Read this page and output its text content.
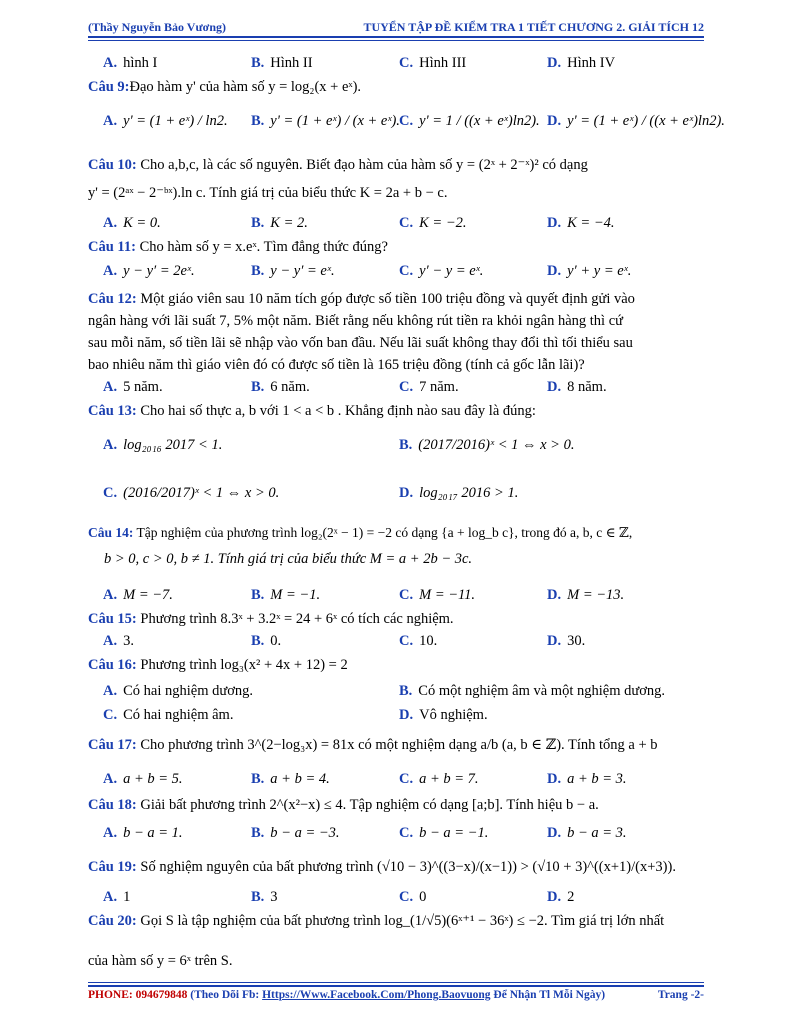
(Thầy Nguyễn Bảo Vương)	TUYỂN TẬP ĐỀ KIỂM TRA 1 TIẾT CHƯƠNG 2. GIẢI TÍCH 12
A. hình I	B. Hình II	C. Hình III	D. Hình IV
Câu 9:Đạo hàm y' của hàm số y = log₂(x + eˣ).
A. y' = (1 + eˣ) / ln2. B. y' = (1 + eˣ) / (x + eˣ). C. y' = 1 / ((x + eˣ)ln2). D. y' = (1 + eˣ) / ((x + eˣ)ln2).
Câu 10: Cho a,b,c, là các số nguyên. Biết đạo hàm của hàm số y = (2ˣ + 2⁻ˣ)² có dạng
y' = (2ᵃˣ − 2⁻ᵇˣ).ln c. Tính giá trị của biểu thức K = 2a + b − c.
A. K = 0.	B. K = 2.	C. K = −2.	D. K = −4.
Câu 11: Cho hàm số y = x.eˣ. Tìm đẳng thức đúng?
A. y − y′ = 2eˣ.	B. y − y′ = eˣ.	C. y′ − y = eˣ.	D. y′ + y = eˣ.
Câu 12: Một giáo viên sau 10 năm tích góp được số tiền 100 triệu đồng và quyết định gửi vào
ngân hàng với lãi suất 7, 5% một năm. Biết rằng nếu không rút tiền ra khỏi ngân hàng thì cứ
sau mỗi năm, số tiền lãi sẽ nhập vào vốn ban đầu. Nếu lãi suất không thay đổi thì tối thiểu sau
bao nhiêu năm thì giáo viên đó có được số tiền là 165 triệu đồng (tính cả gốc lẫn lãi)?
A. 5 năm.	B. 6 năm.	C. 7 năm.	D. 8 năm.
Câu 13: Cho hai số thực a, b với 1 < a < b . Khẳng định nào sau đây là đúng:
A. log₂₀₁₆ 2017 < 1.	B. (2017/2016)ˣ < 1 ⇔ x > 0.
C. (2016/2017)ˣ < 1 ⇔ x > 0.	D. log₂₀₁₇ 2016 > 1.
Câu 14: Tập nghiệm của phương trình log₂(2ˣ − 1) = −2 có dạng {a + log_b c}, trong đó a, b, c ∈ ℤ,
b > 0, c > 0, b ≠ 1. Tính giá trị của biểu thức M = a + 2b − 3c.
A. M = −7.	B. M = −1.	C. M = −11.	D. M = −13.
Câu 15: Phương trình 8.3ˣ + 3.2ˣ = 24 + 6ˣ có tích các nghiệm.
A. 3.	B. 0.	C. 10.	D. 30.
Câu 16: Phương trình log₃(x² + 4x + 12) = 2
A. Có hai nghiệm dương.	B. Có một nghiệm âm và một nghiệm dương.
C. Có hai nghiệm âm.	D. Vô nghiệm.
Câu 17: Cho phương trình 3^(2−log₃x) = 81x có một nghiệm dạng a/b (a, b ∈ ℤ). Tính tổng a + b
A. a + b = 5.	B. a + b = 4.	C. a + b = 7.	D. a + b = 3.
Câu 18: Giải bất phương trình 2^(x²−x) ≤ 4. Tập nghiệm có dạng [a;b]. Tính hiệu b − a.
A. b − a = 1.	B. b − a = −3.	C. b − a = −1.	D. b − a = 3.
Câu 19: Số nghiệm nguyên của bất phương trình (√10 − 3)^((3−x)/(x−1)) > (√10 + 3)^((x+1)/(x+3)).
A. 1	B. 3	C. 0	D. 2
Câu 20: Gọi S là tập nghiệm của bất phương trình log_(1/√5)(6ˣ⁺¹ − 36ˣ) ≤ −2. Tìm giá trị lớn nhất
của hàm số y = 6ˣ trên S.
PHONE: 094679848 (Theo Dõi Fb: Https://Www.Facebook.Com/Phong.Baovuong Để Nhận Tl Mỗi Ngày)	Trang -2-
